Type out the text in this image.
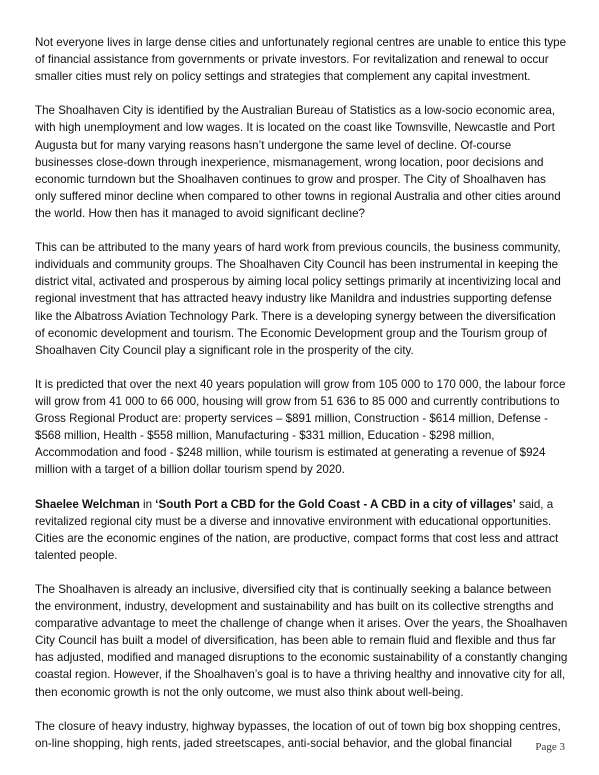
Not everyone lives in large dense cities and unfortunately regional centres are unable to entice this type of financial assistance from governments or private investors. For revitalization and renewal to occur smaller cities must rely on policy settings and strategies that complement any capital investment.

The Shoalhaven City is identified by the Australian Bureau of Statistics as a low-socio economic area, with high unemployment and low wages. It is located on the coast like Townsville, Newcastle and Port Augusta but for many varying reasons hasn’t undergone the same level of decline. Of-course businesses close-down through inexperience, mismanagement, wrong location, poor decisions and economic turndown but the Shoalhaven continues to grow and prosper. The City of Shoalhaven has only suffered minor decline when compared to other towns in regional Australia and other cities around the world. How then has it managed to avoid significant decline?

This can be attributed to the many years of hard work from previous councils, the business community, individuals and community groups. The Shoalhaven City Council has been instrumental in keeping the district vital, activated and prosperous by aiming local policy settings primarily at incentivizing local and regional investment that has attracted heavy industry like Manildra and industries supporting defense like the Albatross Aviation Technology Park. There is a developing synergy between the diversification of economic development and tourism. The Economic Development group and the Tourism group of Shoalhaven City Council play a significant role in the prosperity of the city.

It is predicted that over the next 40 years population will grow from 105 000 to 170 000, the labour force will grow from 41 000 to 66 000, housing will grow from 51 636 to 85 000 and currently contributions to Gross Regional Product are: property services – $891 million, Construction - $614 million, Defense - $568 million, Health - $558 million, Manufacturing - $331 million, Education - $298 million, Accommodation and food - $248 million, while tourism is estimated at generating a revenue of $924 million with a target of a billion dollar tourism spend by 2020.

Shaelee Welchman in ‘South Port a CBD for the Gold Coast - A CBD in a city of villages’ said, a revitalized regional city must be a diverse and innovative environment with educational opportunities. Cities are the economic engines of the nation, are productive, compact forms that cost less and attract talented people.

The Shoalhaven is already an inclusive, diversified city that is continually seeking a balance between the environment, industry, development and sustainability and has built on its collective strengths and comparative advantage to meet the challenge of change when it arises. Over the years, the Shoalhaven City Council has built a model of diversification, has been able to remain fluid and flexible and thus far has adjusted, modified and managed disruptions to the economic sustainability of a constantly changing coastal region. However, if the Shoalhaven’s goal is to have a thriving healthy and innovative city for all, then economic growth is not the only outcome, we must also think about well-being.

The closure of heavy industry, highway bypasses, the location of out of town big box shopping centres, on-line shopping, high rents, jaded streetscapes, anti-social behavior, and the global financial	Page 3
